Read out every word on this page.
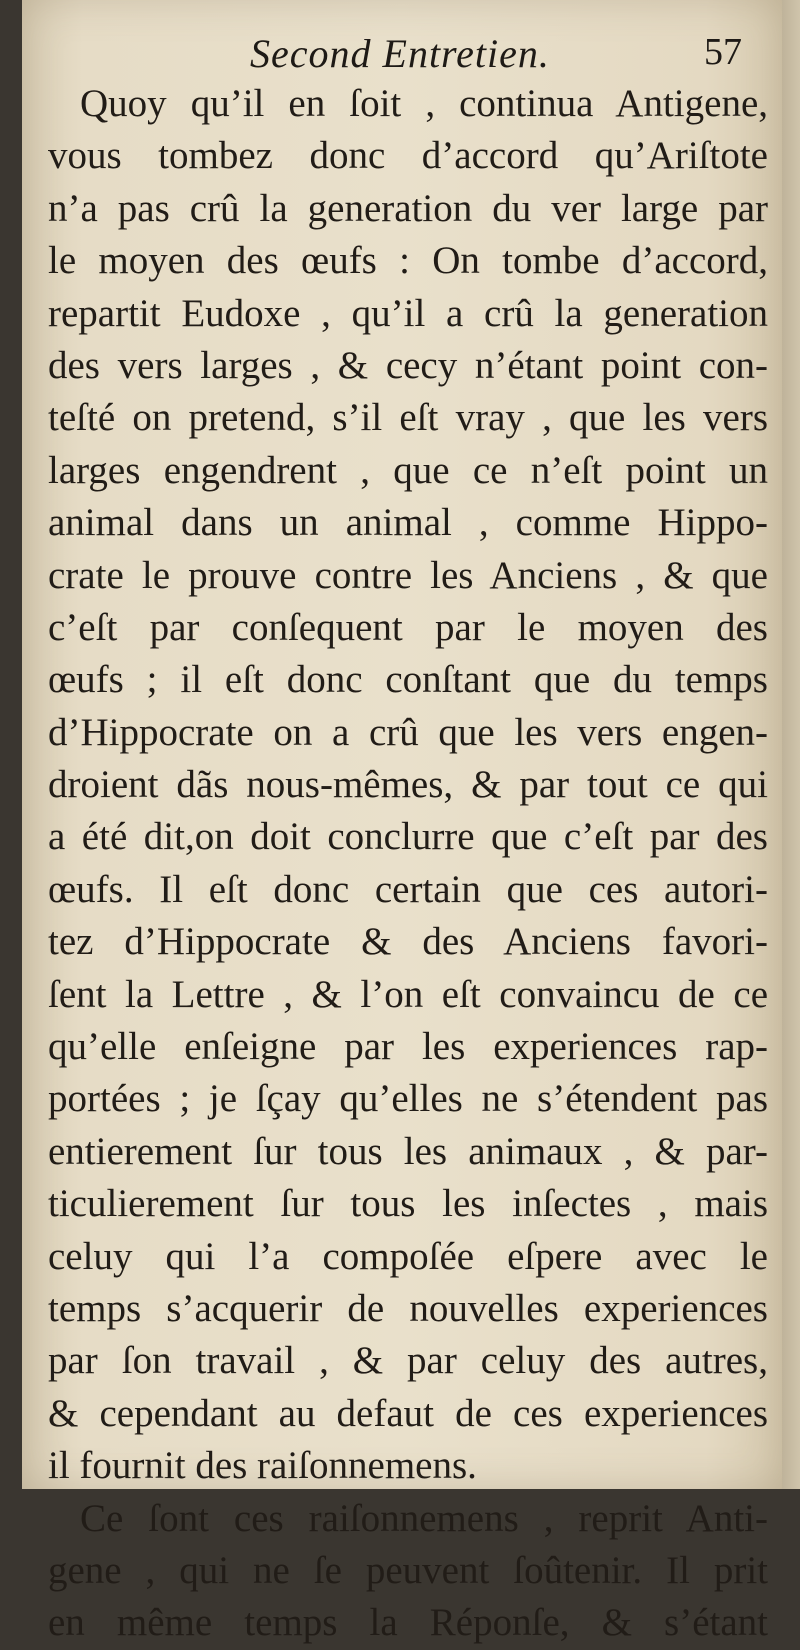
Second Entretien.	57
Quoy qu’il en ſoit , continua Antigene,
vous tombez donc d’accord qu’Ariſtote
n’a pas crû la generation du ver large par
le moyen des œufs : On tombe d’accord,
repartit Eudoxe , qu’il a crû la generation
des vers larges , & cecy n’étant point con-
teſté on pretend, s’il eſt vray , que les vers
larges engendrent , que ce n’eſt point un
animal dans un animal , comme Hippo-
crate le prouve contre les Anciens , & que
c’eſt par conſequent par le moyen des
œufs ; il eſt donc conſtant que du temps
d’Hippocrate on a crû que les vers engen-
droient dãs nous-mêmes, & par tout ce qui
a été dit,on doit conclurre que c’eſt par des
œufs. Il eſt donc certain que ces autori-
tez d’Hippocrate & des Anciens favori-
ſent la Lettre , & l’on eſt convaincu de ce
qu’elle enſeigne par les experiences rap-
portées ; je ſçay qu’elles ne s’étendent pas
entierement ſur tous les animaux , & par-
ticulierement ſur tous les inſectes , mais
celuy qui l’a compoſée eſpere avec le
temps s’acquerir de nouvelles experiences
par ſon travail , & par celuy des autres,
& cependant au defaut de ces experiences
il fournit des raiſonnemens.
Ce ſont ces raiſonnemens , reprit Anti-
gene , qui ne ſe peuvent ſoûtenir. Il prit
en même temps la Réponſe, & s’étant
